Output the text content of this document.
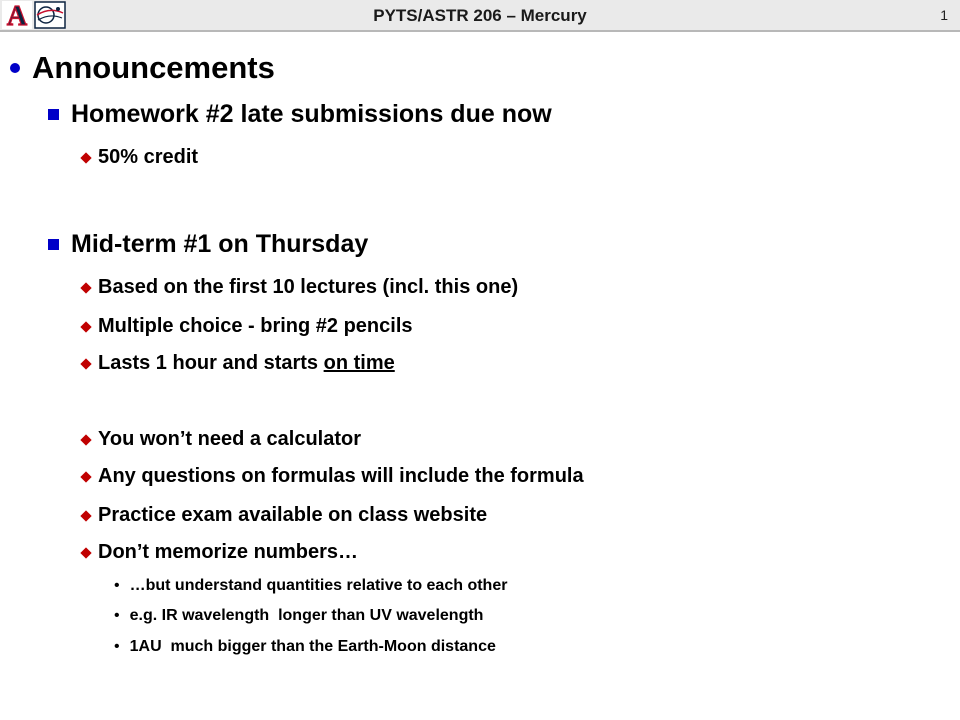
A	PYTS/ASTR 206 – Mercury	1
Announcements
Homework #2 late submissions due now
50% credit
Mid-term #1 on Thursday
Based on the first 10 lectures (incl. this one)
Multiple choice - bring #2 pencils
Lasts 1 hour and starts on time
You won’t need a calculator
Any questions on formulas will include the formula
Practice exam available on class website
Don’t memorize numbers…
• …but understand quantities relative to each other
• e.g. IR wavelength  longer than UV wavelength
• 1AU  much bigger than the Earth-Moon distance
